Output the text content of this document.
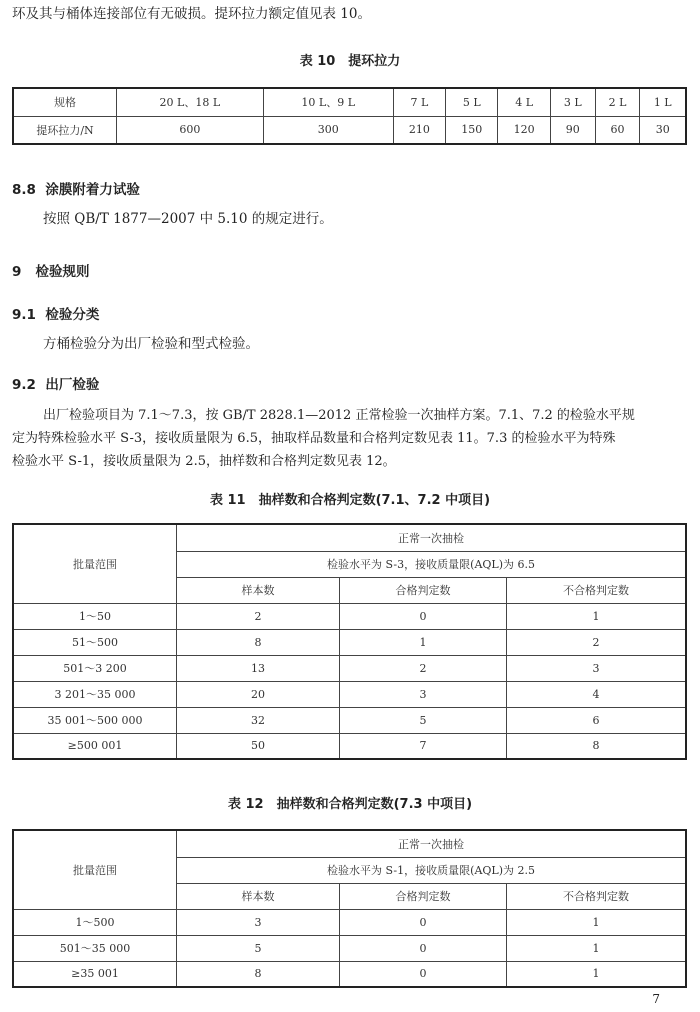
环及其与桶体连接部位有无破损。提环拉力额定值见表 10。
表 10　提环拉力
规格	20 L、18 L	10 L、9 L	7 L	5 L	4 L	3 L	2 L	1 L
提环拉力/N	600	300	210	150	120	90	60	30
8.8 涂膜附着力试验
按照 QB/T 1877—2007 中 5.10 的规定进行。
9 检验规则
9.1 检验分类
方桶检验分为出厂检验和型式检验。
9.2 出厂检验
出厂检验项目为 7.1～7.3，按 GB/T 2828.1—2012 正常检验一次抽样方案。7.1、7.2 的检验水平规
定为特殊检验水平 S-3，接收质量限为 6.5，抽取样品数量和合格判定数见表 11。7.3 的检验水平为特殊
检验水平 S-1，接收质量限为 2.5，抽样数和合格判定数见表 12。
表 11　抽样数和合格判定数(7.1、7.2 中项目)
批量范围	正常一次抽检		
	检验水平为 S-3，接收质量限(AQL)为 6.5		
	样本数	合格判定数	不合格判定数
1～50	2	0	1
51～500	8	1	2
501～3 200	13	2	3
3 201～35 000	20	3	4
35 001～500 000	32	5	6
≥500 001	50	7	8
表 12　抽样数和合格判定数(7.3 中项目)
批量范围	正常一次抽检		
	检验水平为 S-1，接收质量限(AQL)为 2.5		
	样本数	合格判定数	不合格判定数
1～500	3	0	1
501～35 000	5	0	1
≥35 001	8	0	1
7
